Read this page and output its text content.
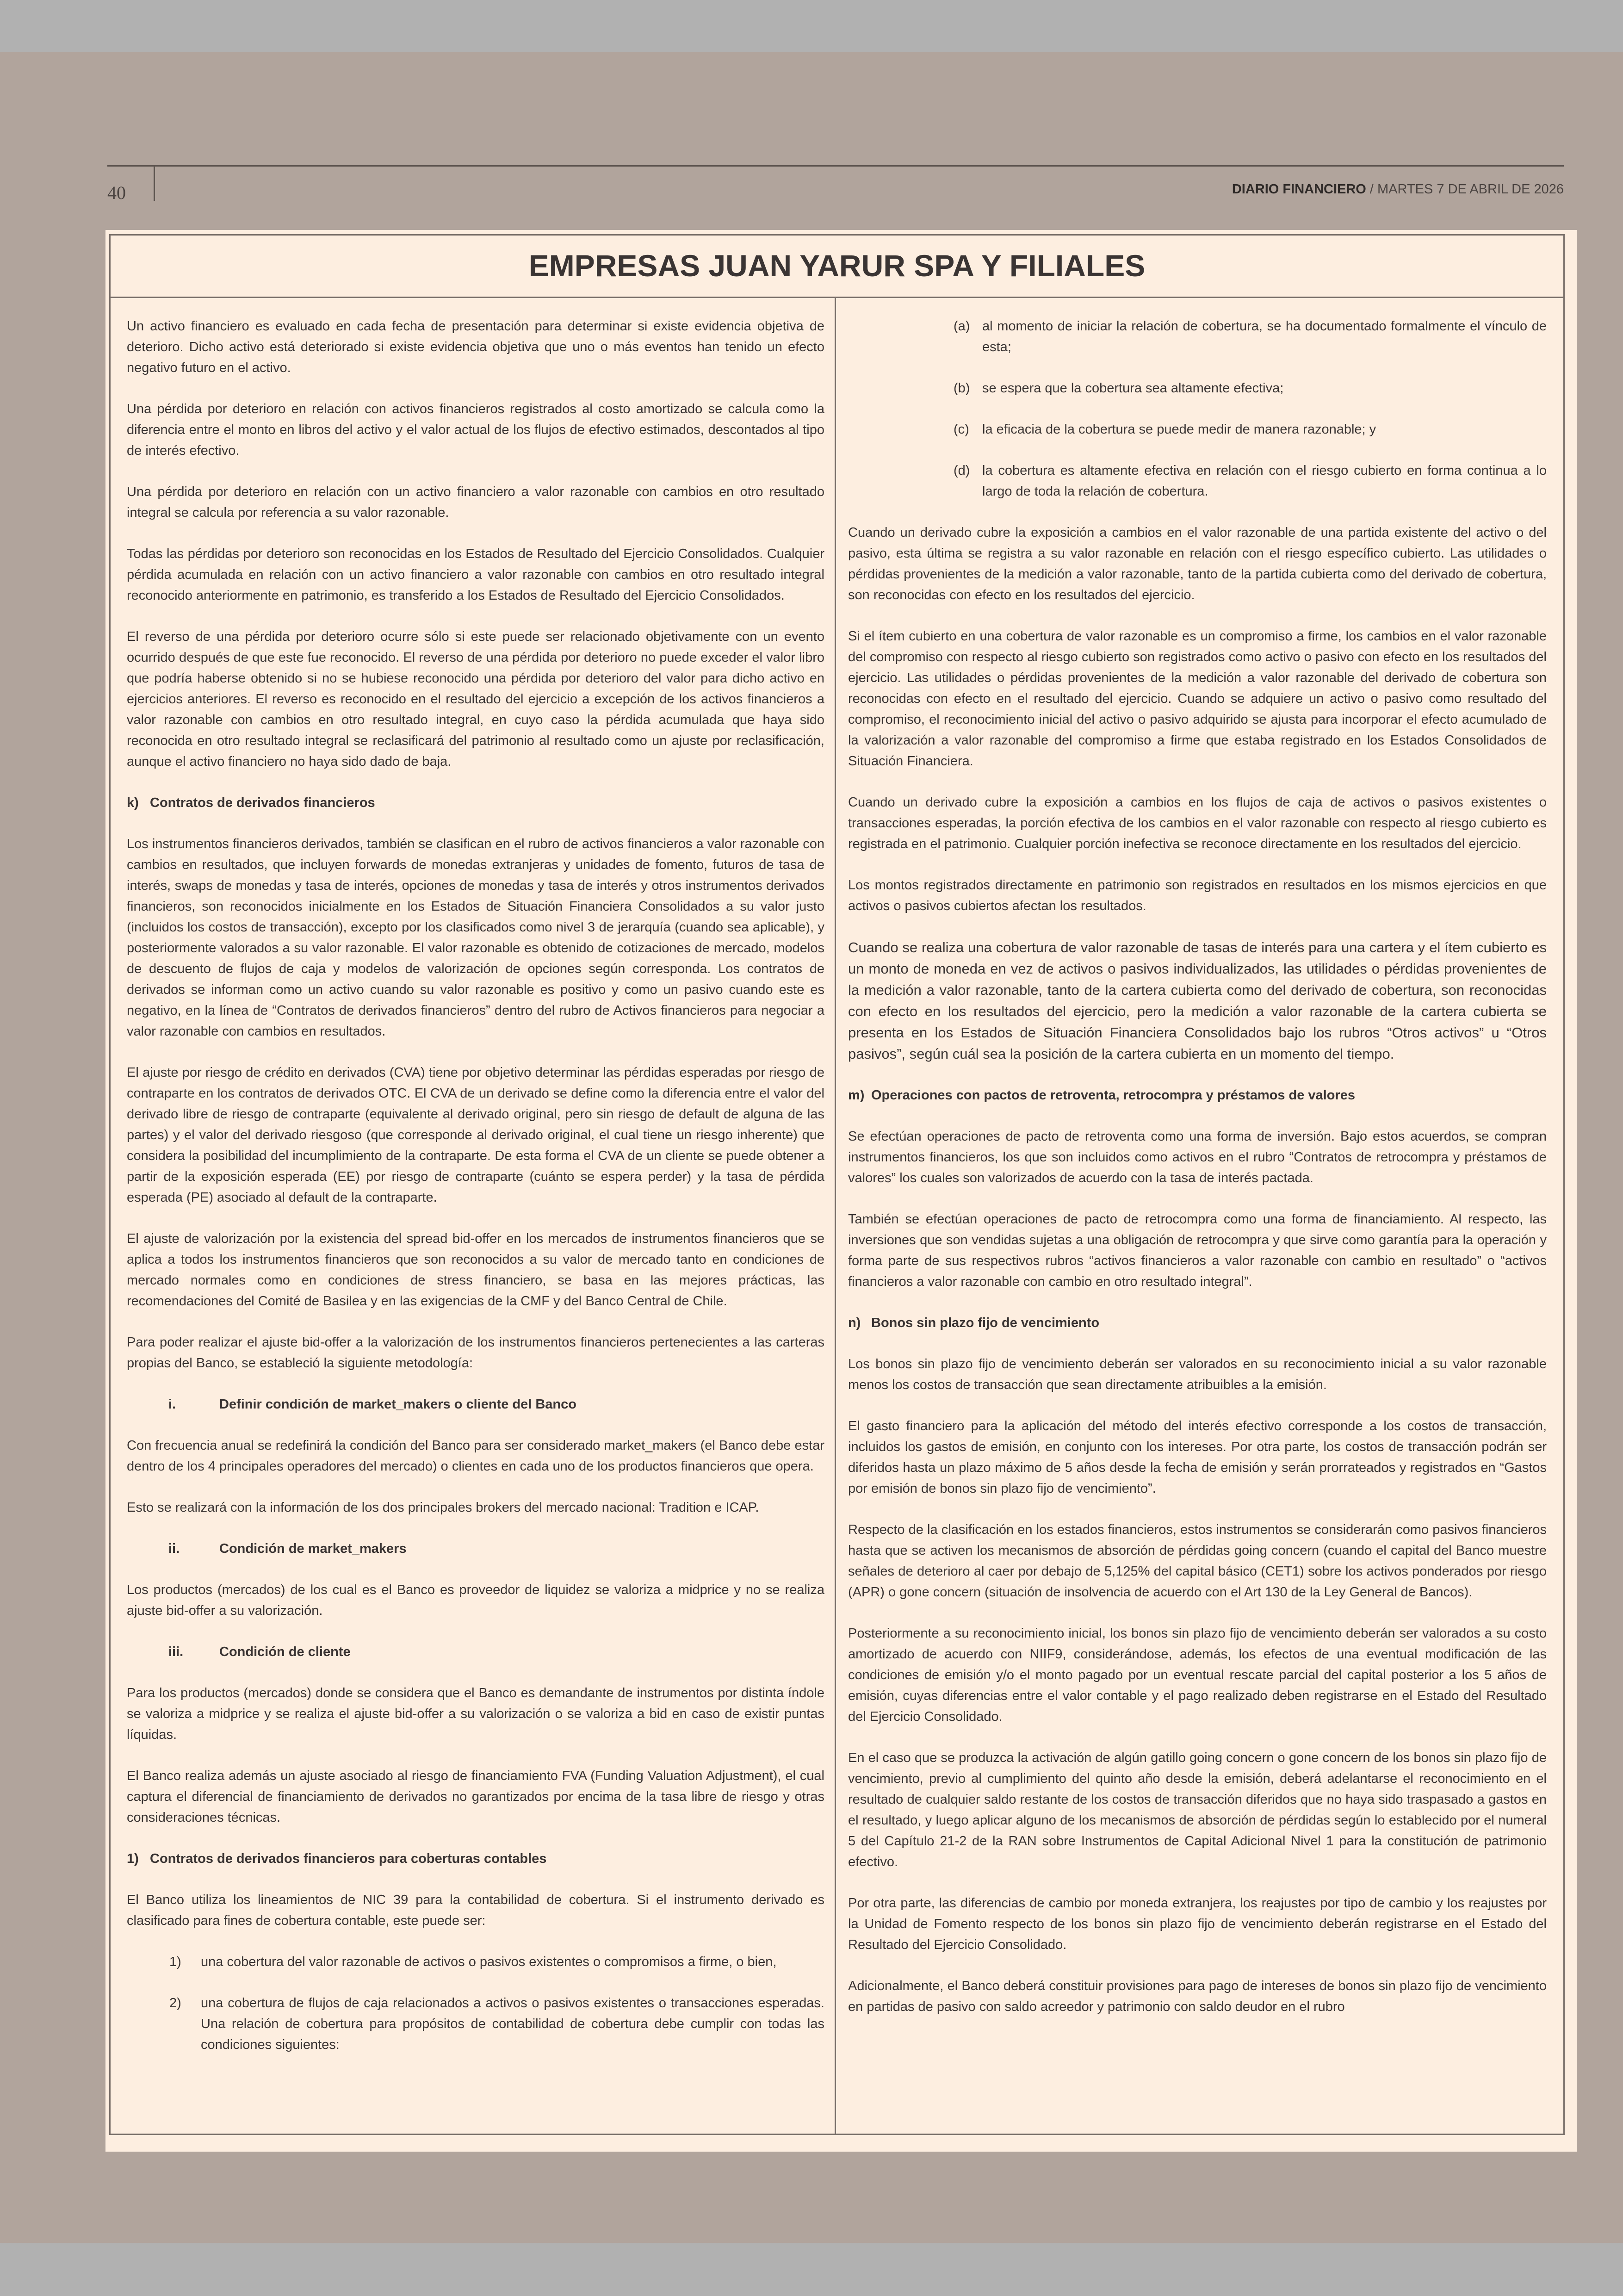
40	DIARIO FINANCIERO / MARTES 7 DE ABRIL DE 2026
EMPRESAS JUAN YARUR SPA Y FILIALES

Un activo financiero es evaluado en cada fecha de presentación para determinar si existe evidencia objetiva de deterioro. Dicho activo está deteriorado si existe evidencia objetiva que uno o más eventos han tenido un efecto negativo futuro en el activo.

Una pérdida por deterioro en relación con activos financieros registrados al costo amortizado se calcula como la diferencia entre el monto en libros del activo y el valor actual de los flujos de efectivo estimados, descontados al tipo de interés efectivo.

Una pérdida por deterioro en relación con un activo financiero a valor razonable con cambios en otro resultado integral se calcula por referencia a su valor razonable.

Todas las pérdidas por deterioro son reconocidas en los Estados de Resultado del Ejercicio Consolidados. Cualquier pérdida acumulada en relación con un activo financiero a valor razonable con cambios en otro resultado integral reconocido anteriormente en patrimonio, es transferido a los Estados de Resultado del Ejercicio Consolidados.

El reverso de una pérdida por deterioro ocurre sólo si este puede ser relacionado objetivamente con un evento ocurrido después de que este fue reconocido. El reverso de una pérdida por deterioro no puede exceder el valor libro que podría haberse obtenido si no se hubiese reconocido una pérdida por deterioro del valor para dicho activo en ejercicios anteriores. El reverso es reconocido en el resultado del ejercicio a excepción de los activos financieros a valor razonable con cambios en otro resultado integral, en cuyo caso la pérdida acumulada que haya sido reconocida en otro resultado integral se reclasificará del patrimonio al resultado como un ajuste por reclasificación, aunque el activo financiero no haya sido dado de baja.

k) Contratos de derivados financieros

Los instrumentos financieros derivados, también se clasifican en el rubro de activos financieros a valor razonable con cambios en resultados, que incluyen forwards de monedas extranjeras y unidades de fomento, futuros de tasa de interés, swaps de monedas y tasa de interés, opciones de monedas y tasa de interés y otros instrumentos derivados financieros, son reconocidos inicialmente en los Estados de Situación Financiera Consolidados a su valor justo (incluidos los costos de transacción), excepto por los clasificados como nivel 3 de jerarquía (cuando sea aplicable), y posteriormente valorados a su valor razonable. El valor razonable es obtenido de cotizaciones de mercado, modelos de descuento de flujos de caja y modelos de valorización de opciones según corresponda. Los contratos de derivados se informan como un activo cuando su valor razonable es positivo y como un pasivo cuando este es negativo, en la línea de “Contratos de derivados financieros” dentro del rubro de Activos financieros para negociar a valor razonable con cambios en resultados.

El ajuste por riesgo de crédito en derivados (CVA) tiene por objetivo determinar las pérdidas esperadas por riesgo de contraparte en los contratos de derivados OTC. El CVA de un derivado se define como la diferencia entre el valor del derivado libre de riesgo de contraparte (equivalente al derivado original, pero sin riesgo de default de alguna de las partes) y el valor del derivado riesgoso (que corresponde al derivado original, el cual tiene un riesgo inherente) que considera la posibilidad del incumplimiento de la contraparte. De esta forma el CVA de un cliente se puede obtener a partir de la exposición esperada (EE) por riesgo de contraparte (cuánto se espera perder) y la tasa de pérdida esperada (PE) asociado al default de la contraparte.

El ajuste de valorización por la existencia del spread bid-offer en los mercados de instrumentos financieros que se aplica a todos los instrumentos financieros que son reconocidos a su valor de mercado tanto en condiciones de mercado normales como en condiciones de stress financiero, se basa en las mejores prácticas, las recomendaciones del Comité de Basilea y en las exigencias de la CMF y del Banco Central de Chile.

Para poder realizar el ajuste bid-offer a la valorización de los instrumentos financieros pertenecientes a las carteras propias del Banco, se estableció la siguiente metodología:

i.	Definir condición de market_makers o cliente del Banco

Con frecuencia anual se redefinirá la condición del Banco para ser considerado market_makers (el Banco debe estar dentro de los 4 principales operadores del mercado) o clientes en cada uno de los productos financieros que opera.

Esto se realizará con la información de los dos principales brokers del mercado nacional: Tradition e ICAP.

ii.	Condición de market_makers

Los productos (mercados) de los cual es el Banco es proveedor de liquidez se valoriza a midprice y no se realiza ajuste bid-offer a su valorización.

iii.	Condición de cliente

Para los productos (mercados) donde se considera que el Banco es demandante de instrumentos por distinta índole se valoriza a midprice y se realiza el ajuste bid-offer a su valorización o se valoriza a bid en caso de existir puntas líquidas.

El Banco realiza además un ajuste asociado al riesgo de financiamiento FVA (Funding Valuation Adjustment), el cual captura el diferencial de financiamiento de derivados no garantizados por encima de la tasa libre de riesgo y otras consideraciones técnicas.

1) Contratos de derivados financieros para coberturas contables

El Banco utiliza los lineamientos de NIC 39 para la contabilidad de cobertura. Si el instrumento derivado es clasificado para fines de cobertura contable, este puede ser:

1) una cobertura del valor razonable de activos o pasivos existentes o compromisos a firme, o bien,
2) una cobertura de flujos de caja relacionados a activos o pasivos existentes o transacciones esperadas. Una relación de cobertura para propósitos de contabilidad de cobertura debe cumplir con todas las condiciones siguientes:
(a) al momento de iniciar la relación de cobertura, se ha documentado formalmente el vínculo de esta;
(b) se espera que la cobertura sea altamente efectiva;
(c) la eficacia de la cobertura se puede medir de manera razonable; y
(d) la cobertura es altamente efectiva en relación con el riesgo cubierto en forma continua a lo largo de toda la relación de cobertura.

Cuando un derivado cubre la exposición a cambios en el valor razonable de una partida existente del activo o del pasivo, esta última se registra a su valor razonable en relación con el riesgo específico cubierto. Las utilidades o pérdidas provenientes de la medición a valor razonable, tanto de la partida cubierta como del derivado de cobertura, son reconocidas con efecto en los resultados del ejercicio.

Si el ítem cubierto en una cobertura de valor razonable es un compromiso a firme, los cambios en el valor razonable del compromiso con respecto al riesgo cubierto son registrados como activo o pasivo con efecto en los resultados del ejercicio. Las utilidades o pérdidas provenientes de la medición a valor razonable del derivado de cobertura son reconocidas con efecto en el resultado del ejercicio. Cuando se adquiere un activo o pasivo como resultado del compromiso, el reconocimiento inicial del activo o pasivo adquirido se ajusta para incorporar el efecto acumulado de la valorización a valor razonable del compromiso a firme que estaba registrado en los Estados Consolidados de Situación Financiera.

Cuando un derivado cubre la exposición a cambios en los flujos de caja de activos o pasivos existentes o transacciones esperadas, la porción efectiva de los cambios en el valor razonable con respecto al riesgo cubierto es registrada en el patrimonio. Cualquier porción inefectiva se reconoce directamente en los resultados del ejercicio.

Los montos registrados directamente en patrimonio son registrados en resultados en los mismos ejercicios en que activos o pasivos cubiertos afectan los resultados.

Cuando se realiza una cobertura de valor razonable de tasas de interés para una cartera y el ítem cubierto es un monto de moneda en vez de activos o pasivos individualizados, las utilidades o pérdidas provenientes de la medición a valor razonable, tanto de la cartera cubierta como del derivado de cobertura, son reconocidas con efecto en los resultados del ejercicio, pero la medición a valor razonable de la cartera cubierta se presenta en los Estados de Situación Financiera Consolidados bajo los rubros “Otros activos” u “Otros pasivos”, según cuál sea la posición de la cartera cubierta en un momento del tiempo.

m) Operaciones con pactos de retroventa, retrocompra y préstamos de valores

Se efectúan operaciones de pacto de retroventa como una forma de inversión. Bajo estos acuerdos, se compran instrumentos financieros, los que son incluidos como activos en el rubro “Contratos de retrocompra y préstamos de valores” los cuales son valorizados de acuerdo con la tasa de interés pactada.

También se efectúan operaciones de pacto de retrocompra como una forma de financiamiento. Al respecto, las inversiones que son vendidas sujetas a una obligación de retrocompra y que sirve como garantía para la operación y forma parte de sus respectivos rubros “activos financieros a valor razonable con cambio en resultado” o “activos financieros a valor razonable con cambio en otro resultado integral”.

n) Bonos sin plazo fijo de vencimiento

Los bonos sin plazo fijo de vencimiento deberán ser valorados en su reconocimiento inicial a su valor razonable menos los costos de transacción que sean directamente atribuibles a la emisión.

El gasto financiero para la aplicación del método del interés efectivo corresponde a los costos de transacción, incluidos los gastos de emisión, en conjunto con los intereses. Por otra parte, los costos de transacción podrán ser diferidos hasta un plazo máximo de 5 años desde la fecha de emisión y serán prorrateados y registrados en “Gastos por emisión de bonos sin plazo fijo de vencimiento”.

Respecto de la clasificación en los estados financieros, estos instrumentos se considerarán como pasivos financieros hasta que se activen los mecanismos de absorción de pérdidas going concern (cuando el capital del Banco muestre señales de deterioro al caer por debajo de 5,125% del capital básico (CET1) sobre los activos ponderados por riesgo (APR) o gone concern (situación de insolvencia de acuerdo con el Art 130 de la Ley General de Bancos).

Posteriormente a su reconocimiento inicial, los bonos sin plazo fijo de vencimiento deberán ser valorados a su costo amortizado de acuerdo con NIIF9, considerándose, además, los efectos de una eventual modificación de las condiciones de emisión y/o el monto pagado por un eventual rescate parcial del capital posterior a los 5 años de emisión, cuyas diferencias entre el valor contable y el pago realizado deben registrarse en el Estado del Resultado del Ejercicio Consolidado.

En el caso que se produzca la activación de algún gatillo going concern o gone concern de los bonos sin plazo fijo de vencimiento, previo al cumplimiento del quinto año desde la emisión, deberá adelantarse el reconocimiento en el resultado de cualquier saldo restante de los costos de transacción diferidos que no haya sido traspasado a gastos en el resultado, y luego aplicar alguno de los mecanismos de absorción de pérdidas según lo establecido por el numeral 5 del Capítulo 21-2 de la RAN sobre Instrumentos de Capital Adicional Nivel 1 para la constitución de patrimonio efectivo.

Por otra parte, las diferencias de cambio por moneda extranjera, los reajustes por tipo de cambio y los reajustes por la Unidad de Fomento respecto de los bonos sin plazo fijo de vencimiento deberán registrarse en el Estado del Resultado del Ejercicio Consolidado.

Adicionalmente, el Banco deberá constituir provisiones para pago de intereses de bonos sin plazo fijo de vencimiento en partidas de pasivo con saldo acreedor y patrimonio con saldo deudor en el rubro
